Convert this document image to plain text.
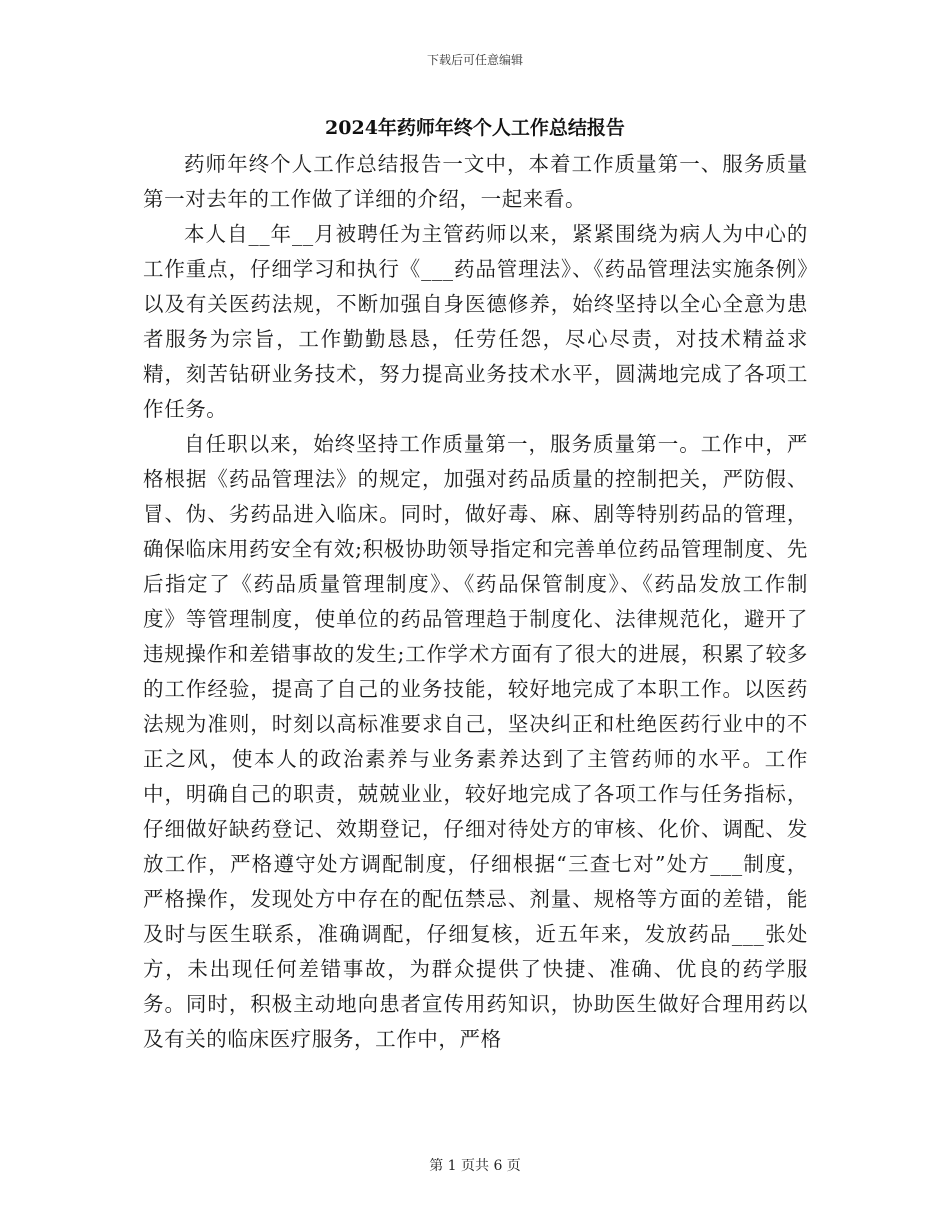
下载后可任意编辑
2024年药师年终个人工作总结报告

药师年终个人工作总结报告一文中，本着工作质量第一、服务质量第一对去年的工作做了详细的介绍，一起来看。

本人自__年__月被聘任为主管药师以来，紧紧围绕为病人为中心的工作重点，仔细学习和执行《___药品管理法》、《药品管理法实施条例》以及有关医药法规，不断加强自身医德修养，始终坚持以全心全意为患者服务为宗旨，工作勤勤恳恳，任劳任怨，尽心尽责，对技术精益求精，刻苦钻研业务技术，努力提高业务技术水平，圆满地完成了各项工作任务。

自任职以来，始终坚持工作质量第一，服务质量第一。工作中，严格根据《药品管理法》的规定，加强对药品质量的控制把关，严防假、冒、伪、劣药品进入临床。同时，做好毒、麻、剧等特别药品的管理，确保临床用药安全有效;积极协助领导指定和完善单位药品管理制度、先后指定了《药品质量管理制度》、《药品保管制度》、《药品发放工作制度》等管理制度，使单位的药品管理趋于制度化、法律规范化，避开了违规操作和差错事故的发生;工作学术方面有了很大的进展，积累了较多的工作经验，提高了自己的业务技能，较好地完成了本职工作。以医药法规为准则，时刻以高标准要求自己，坚决纠正和杜绝医药行业中的不正之风，使本人的政治素养与业务素养达到了主管药师的水平。工作中，明确自己的职责，兢兢业业，较好地完成了各项工作与任务指标，仔细做好缺药登记、效期登记，仔细对待处方的审核、化价、调配、发放工作，严格遵守处方调配制度，仔细根据“三查七对”处方___制度，严格操作，发现处方中存在的配伍禁忌、剂量、规格等方面的差错，能及时与医生联系，准确调配，仔细复核，近五年来，发放药品___张处方，未出现任何差错事故，为群众提供了快捷、准确、优良的药学服务。同时，积极主动地向患者宣传用药知识，协助医生做好合理用药以及有关的临床医疗服务，工作中，严格

第 1 页共 6 页
